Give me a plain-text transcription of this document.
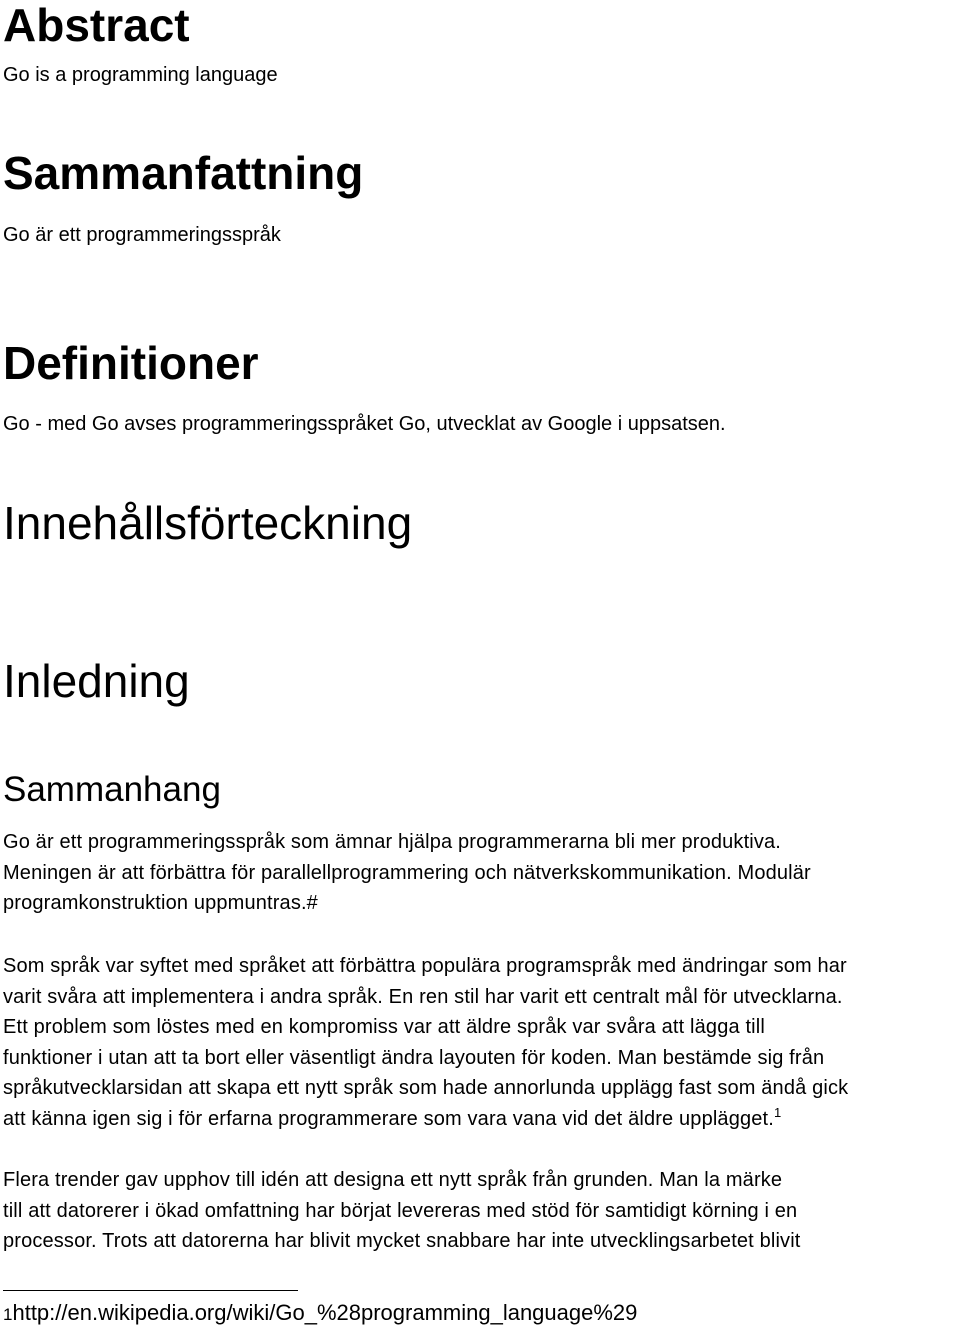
Abstract

Go is a programming language

Sammanfattning

Go är ett programmeringsspråk

Definitioner

Go - med Go avses programmeringsspråket Go, utvecklat av Google i uppsatsen.

Innehållsförteckning
Inledning
Sammanhang

Go är ett programmeringsspråk som ämnar hjälpa programmerarna bli mer produktiva.
Meningen är att förbättra för parallellprogrammering och nätverkskommunikation. Modulär
programkonstruktion uppmuntras.#

Som språk var syftet med språket att förbättra populära programspråk med ändringar som har
varit svåra att implementera i andra språk. En ren stil har varit ett centralt mål för utvecklarna.
Ett problem som löstes med en kompromiss var att äldre språk var svåra att lägga till
funktioner i utan att ta bort eller väsentligt ändra layouten för koden. Man bestämde sig från
språkutvecklarsidan att skapa ett nytt språk som hade annorlunda upplägg fast som ändå gick
att känna igen sig i för erfarna programmerare som vara vana vid det äldre upplägget.$^1$

Flera trender gav upphov till idén att designa ett nytt språk från grunden. Man la märke
till att datorerer i ökad omfattning har börjat levereras med stöd för samtidigt körning i en
processor. Trots att datorerna har blivit mycket snabbare har inte utvecklingsarbetet blivit

1http://en.wikipedia.org/wiki/Go_%28programming_language%29
